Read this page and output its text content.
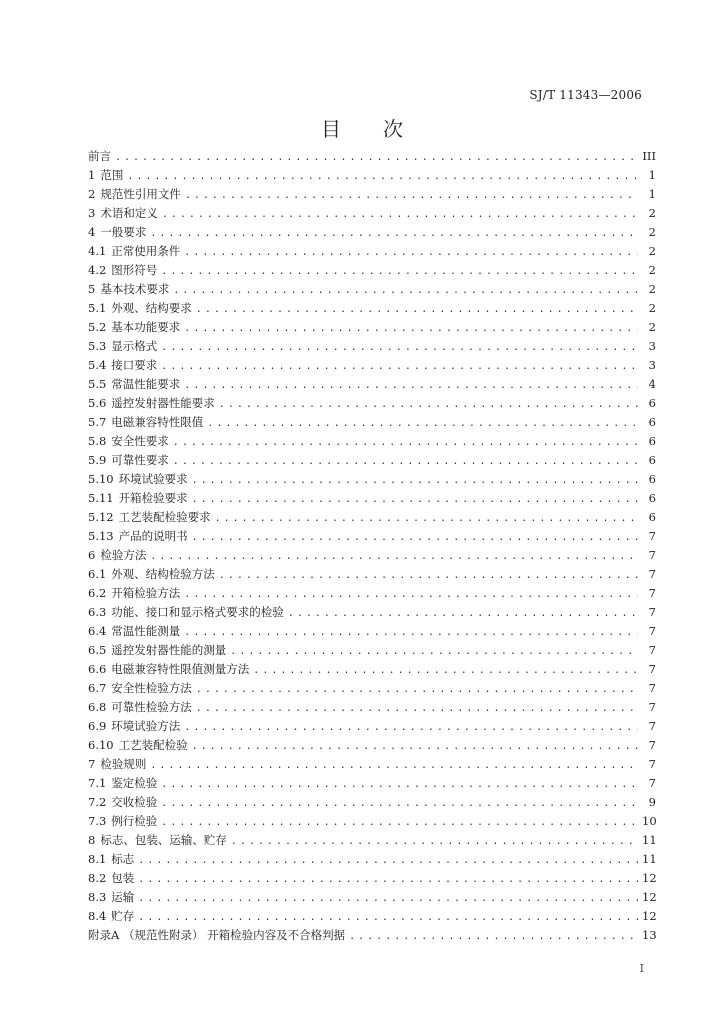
SJ/T 11343—2006
目 次
前言 .....	III
1 范围 .....	1
2 规范性引用文件 .....	1
3 术语和定义 .....	2
4 一般要求 .....	2
4.1 正常使用条件 .....	2
4.2 图形符号 .....	2
5 基本技术要求 .....	2
5.1 外观、结构要求 .....	2
5.2 基本功能要求 .....	2
5.3 显示格式 .....	3
5.4 接口要求 .....	3
5.5 常温性能要求 .....	4
5.6 遥控发射器性能要求 .....	6
5.7 电磁兼容特性限值 .....	6
5.8 安全性要求 .....	6
5.9 可靠性要求 .....	6
5.10 环境试验要求 .....	6
5.11 开箱检验要求 .....	6
5.12 工艺装配检验要求 .....	6
5.13 产品的说明书 .....	7
6 检验方法 .....	7
6.1 外观、结构检验方法 .....	7
6.2 开箱检验方法 .....	7
6.3 功能、接口和显示格式要求的检验 .....	7
6.4 常温性能测量 .....	7
6.5 遥控发射器性能的测量 .....	7
6.6 电磁兼容特性限值测量方法 .....	7
6.7 安全性检验方法 .....	7
6.8 可靠性检验方法 .....	7
6.9 环境试验方法 .....	7
6.10 工艺装配检验 .....	7
7 检验规则 .....	7
7.1 鉴定检验 .....	7
7.2 交收检验 .....	9
7.3 例行检验 .....	10
8 标志、包装、运输、贮存 .....	11
8.1 标志 .....	11
8.2 包装 .....	12
8.3 运输 .....	12
8.4 贮存 .....	12
附录A （规范性附录） 开箱检验内容及不合格判据 .....	13
I
